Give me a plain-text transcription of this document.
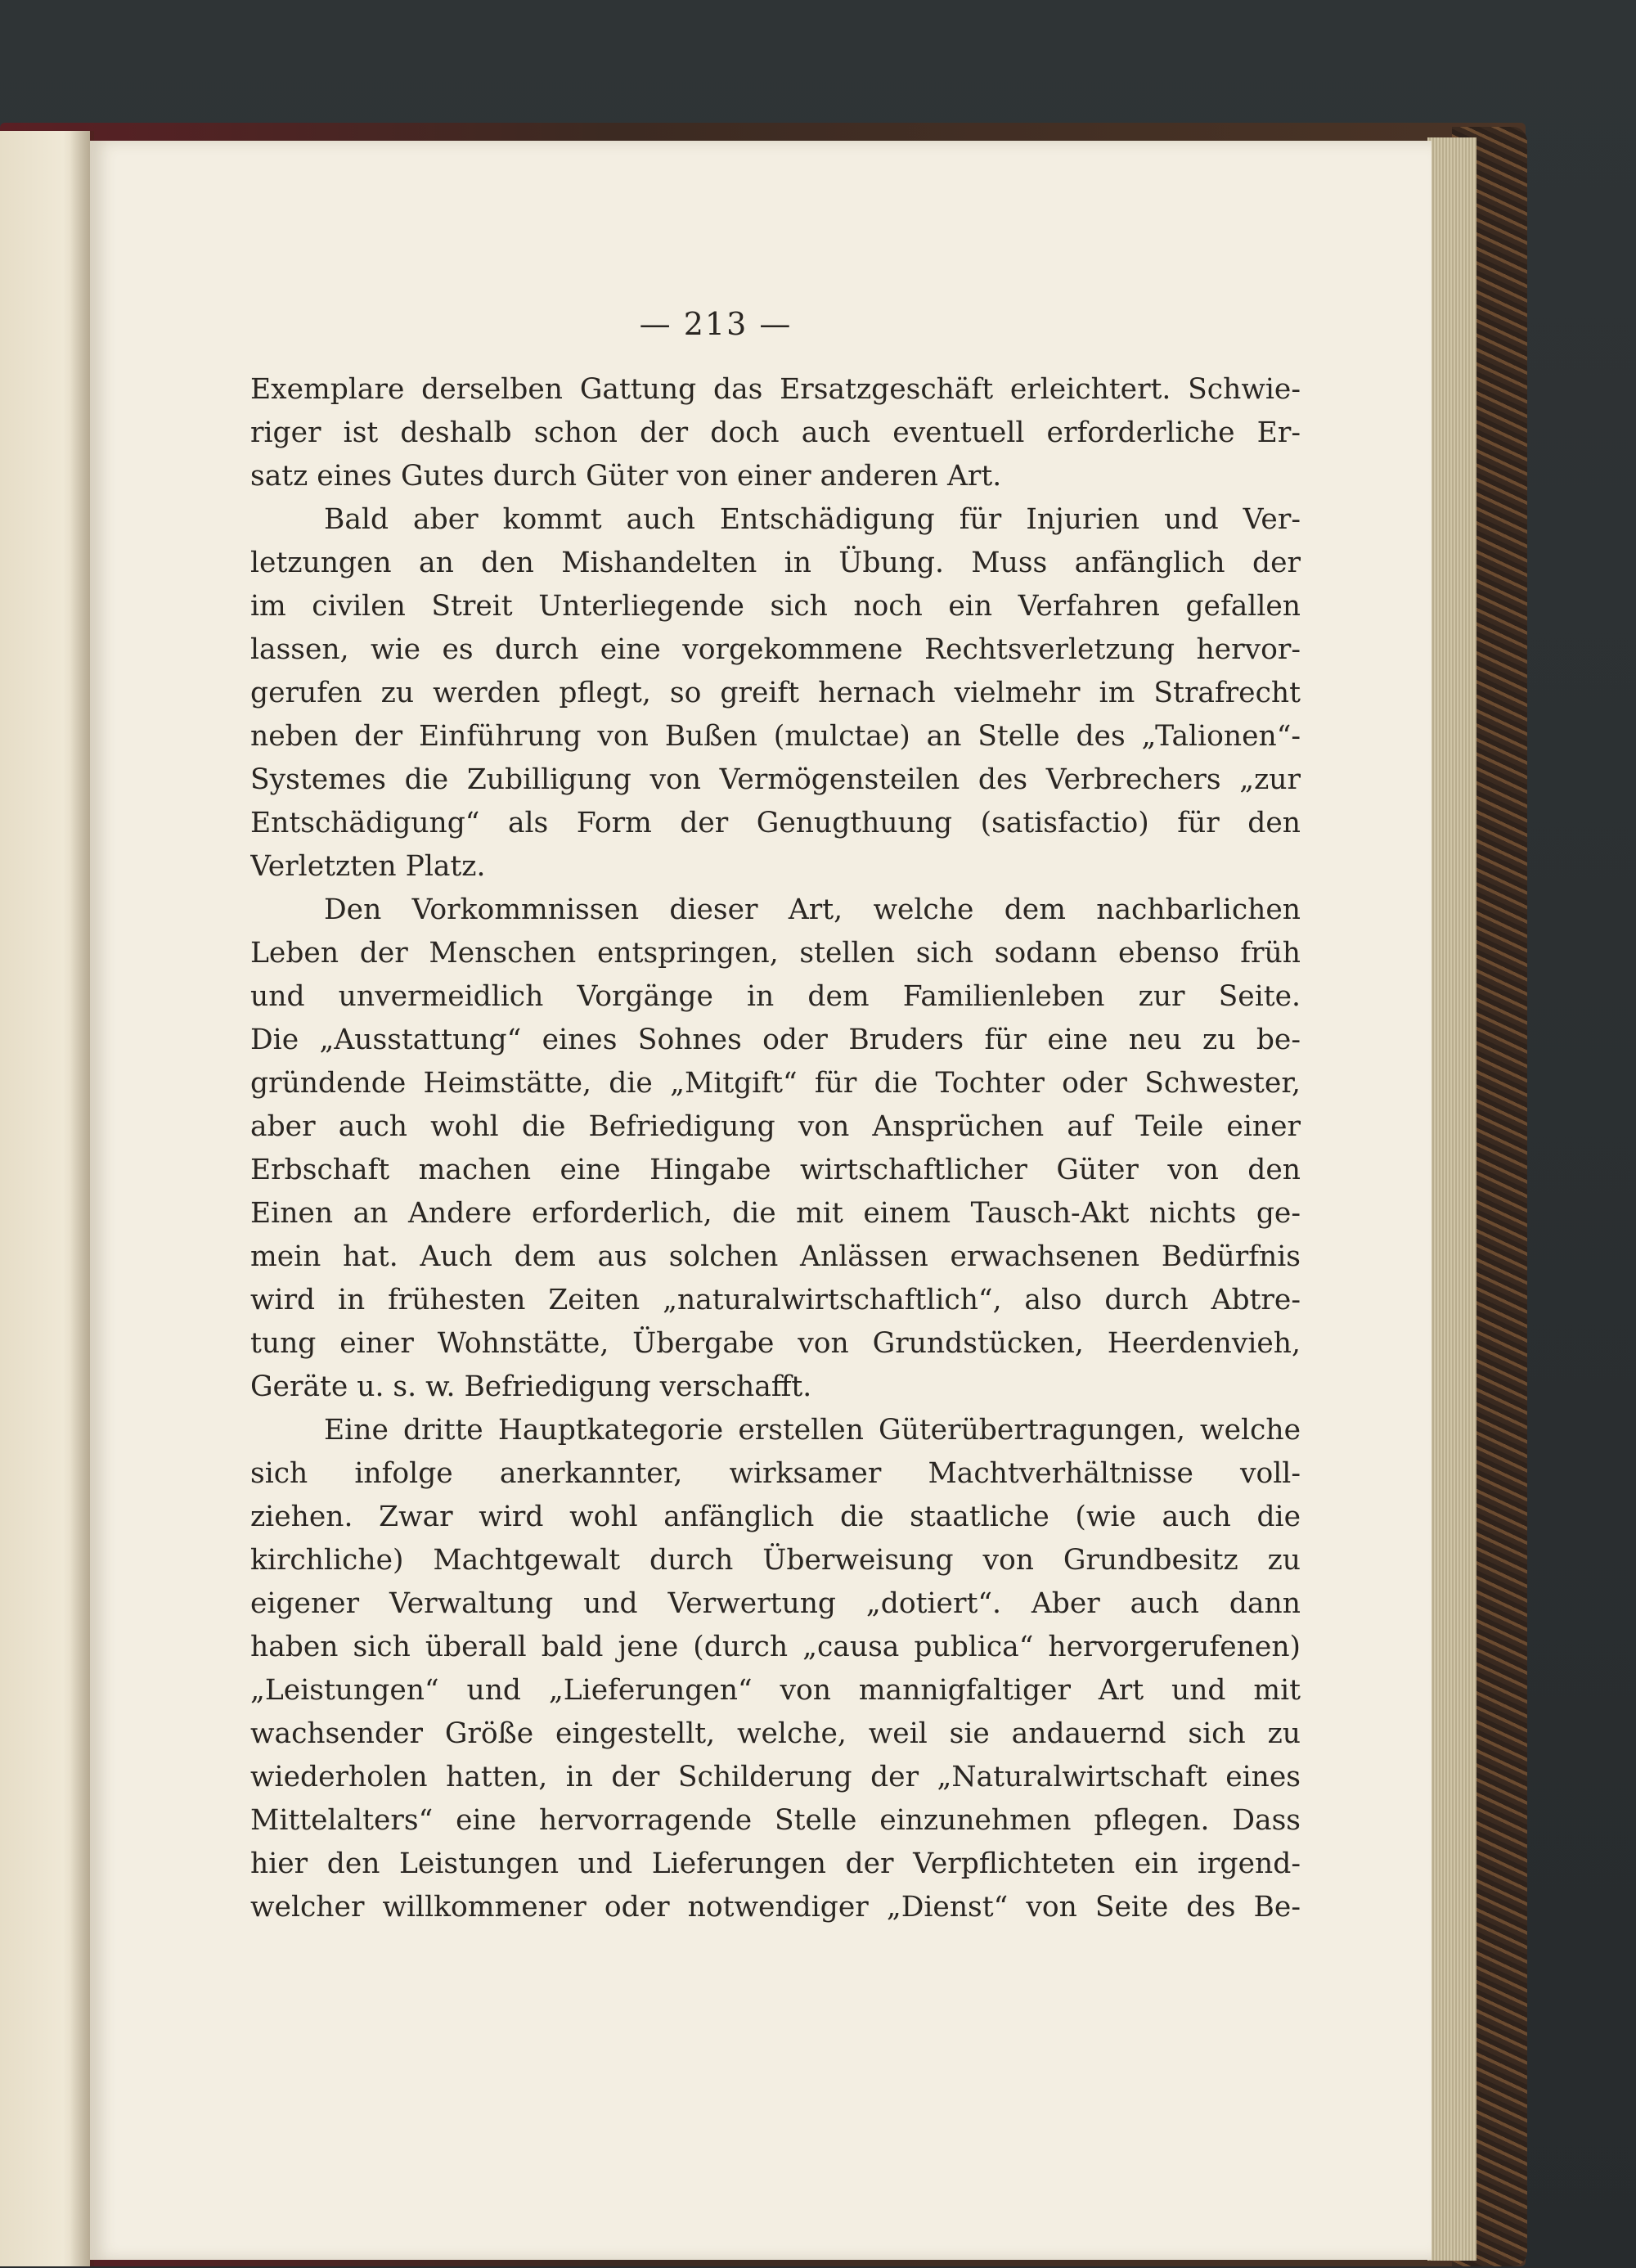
— 213 —
Exemplare derselben Gattung das Ersatzgeschäft erleichtert. Schwie-
riger ist deshalb schon der doch auch eventuell erforderliche Er-
satz eines Gutes durch Güter von einer anderen Art.
Bald aber kommt auch Entschädigung für Injurien und Ver-
letzungen an den Mishandelten in Übung. Muss anfänglich der
im civilen Streit Unterliegende sich noch ein Verfahren gefallen
lassen, wie es durch eine vorgekommene Rechtsverletzung hervor-
gerufen zu werden pflegt, so greift hernach vielmehr im Strafrecht
neben der Einführung von Bußen (mulctae) an Stelle des „Talionen“-
Systemes die Zubilligung von Vermögensteilen des Verbrechers „zur
Entschädigung“ als Form der Genugthuung (satisfactio) für den
Verletzten Platz.
Den Vorkommnissen dieser Art, welche dem nachbarlichen
Leben der Menschen entspringen, stellen sich sodann ebenso früh
und unvermeidlich Vorgänge in dem Familienleben zur Seite.
Die „Ausstattung“ eines Sohnes oder Bruders für eine neu zu be-
gründende Heimstätte, die „Mitgift“ für die Tochter oder Schwester,
aber auch wohl die Befriedigung von Ansprüchen auf Teile einer
Erbschaft machen eine Hingabe wirtschaftlicher Güter von den
Einen an Andere erforderlich, die mit einem Tausch-Akt nichts ge-
mein hat. Auch dem aus solchen Anlässen erwachsenen Bedürfnis
wird in frühesten Zeiten „naturalwirtschaftlich“, also durch Abtre-
tung einer Wohnstätte, Übergabe von Grundstücken, Heerdenvieh,
Geräte u. s. w. Befriedigung verschafft.
Eine dritte Hauptkategorie erstellen Güterübertragungen, welche
sich infolge anerkannter, wirksamer Machtverhältnisse voll-
ziehen. Zwar wird wohl anfänglich die staatliche (wie auch die
kirchliche) Machtgewalt durch Überweisung von Grundbesitz zu
eigener Verwaltung und Verwertung „dotiert“. Aber auch dann
haben sich überall bald jene (durch „causa publica“ hervorgerufenen)
„Leistungen“ und „Lieferungen“ von mannigfaltiger Art und mit
wachsender Größe eingestellt, welche, weil sie andauernd sich zu
wiederholen hatten, in der Schilderung der „Naturalwirtschaft eines
Mittelalters“ eine hervorragende Stelle einzunehmen pflegen. Dass
hier den Leistungen und Lieferungen der Verpflichteten ein irgend-
welcher willkommener oder notwendiger „Dienst“ von Seite des Be-
